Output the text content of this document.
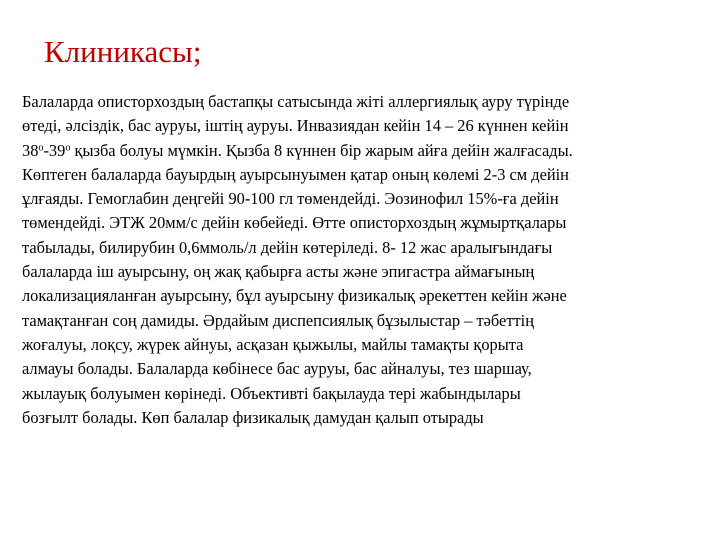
Клиникасы;
Балаларда описторхоздың бастапқы сатысында жіті аллергиялық ауру түрінде
өтеді, әлсіздік, бас ауруы, іштің ауруы. Инвазиядан кейін 14 – 26 күннен кейін
$38^о-39^о$ қызба болуы мүмкін. Қызба 8 күннен бір жарым айға дейін жалғасады.
Көптеген балаларда бауырдың ауырсынуымен қатар оның көлемі 2-3 см дейін
ұлғаяды. Гемоглабин деңгейі 90-100 гл төмендейді. Эозинофил 15%-ға дейін
төмендейді. ЭТЖ 20мм/с дейін көбейеді. Өтте описторхоздың жұмыртқалары
табылады, билирубин 0,6ммоль/л дейін көтеріледі. 8- 12 жас аралығындағы
балаларда іш ауырсыну, оң жақ қабырға асты және эпигастра аймағының
локализацияланған ауырсыну, бұл ауырсыну физикалық әрекеттен кейін және
тамақтанған соң дамиды. Әрдайым диспепсиялық бұзылыстар – тәбеттің
жоғалуы, лоқсу, жүрек айнуы, асқазан қыжылы, майлы тамақты қорыта
алмауы болады. Балаларда көбінесе бас ауруы, бас айналуы, тез шаршау,
жылауық болуымен көрінеді. Объективті бақылауда тері жабындылары
бозғылт болады. Көп балалар физикалық дамудан қалып отырады
